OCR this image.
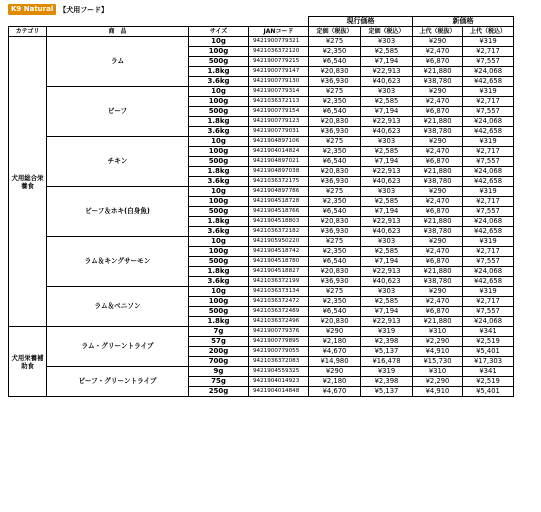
K9 Natural 【犬用フード】
				現行価格		新価格	
カテゴリ	商　品	サイズ	JANコード	定価（税抜）	定価（税込）	上代（税抜）	上代（税込）
犬用総合栄養食	ラム	10g	9421900779321	¥275	¥303	¥290	¥319
		100g	9421036372120	¥2,350	¥2,585	¥2,470	¥2,717
		500g	9421900779215	¥6,540	¥7,194	¥6,870	¥7,557
		1.8kg	9421900779147	¥20,830	¥22,913	¥21,880	¥24,068
		3.6kg	9421900779130	¥36,930	¥40,623	¥38,780	¥42,658
	ビーフ	10g	9421900779314	¥275	¥303	¥290	¥319
		100g	9421036372113	¥2,350	¥2,585	¥2,470	¥2,717
		500g	9421900779154	¥6,540	¥7,194	¥6,870	¥7,557
		1.8kg	9421900779123	¥20,830	¥22,913	¥21,880	¥24,068
		3.6kg	9421900779031	¥36,930	¥40,623	¥38,780	¥42,658
	チキン	10g	9421904897106	¥275	¥303	¥290	¥319
		100g	9421904014824	¥2,350	¥2,585	¥2,470	¥2,717
		500g	9421904897021	¥6,540	¥7,194	¥6,870	¥7,557
		1.8kg	9421904897038	¥20,830	¥22,913	¥21,880	¥24,068
		3.6kg	9421036372175	¥36,930	¥40,623	¥38,780	¥42,658
	ビーフ＆ホキ(白身魚)	10g	9421904897786	¥275	¥303	¥290	¥319
		100g	9421904518728	¥2,350	¥2,585	¥2,470	¥2,717
		500g	9421904518766	¥6,540	¥7,194	¥6,870	¥7,557
		1.8kg	9421904518803	¥20,830	¥22,913	¥21,880	¥24,068
		3.6kg	9421036372182	¥36,930	¥40,623	¥38,780	¥42,658
	ラム＆キングサーモン	10g	9421905950220	¥275	¥303	¥290	¥319
		100g	9421904518742	¥2,350	¥2,585	¥2,470	¥2,717
		500g	9421904518780	¥6,540	¥7,194	¥6,870	¥7,557
		1.8kg	9421904518827	¥20,830	¥22,913	¥21,880	¥24,068
		3.6kg	9421036372199	¥36,930	¥40,623	¥38,780	¥42,658
	ラム＆ベニソン	10g	9421036373134	¥275	¥303	¥290	¥319
		100g	9421036372472	¥2,350	¥2,585	¥2,470	¥2,717
		500g	9421036372489	¥6,540	¥7,194	¥6,870	¥7,557
		1.8kg	9421036372496	¥20,830	¥22,913	¥21,880	¥24,068
犬用栄養補助食	ラム・グリーントライプ	7g	9421900779376	¥290	¥319	¥310	¥341
		57g	9421900779895	¥2,180	¥2,398	¥2,290	¥2,519
		200g	9421900779055	¥4,670	¥5,137	¥4,910	¥5,401
		700g	9421036372083	¥14,980	¥16,478	¥15,730	¥17,303
	ビーフ・グリーントライプ	9g	9421904559325	¥290	¥319	¥310	¥341
		75g	9421904014923	¥2,180	¥2,398	¥2,290	¥2,519
		250g	9421904014848	¥4,670	¥5,137	¥4,910	¥5,401
